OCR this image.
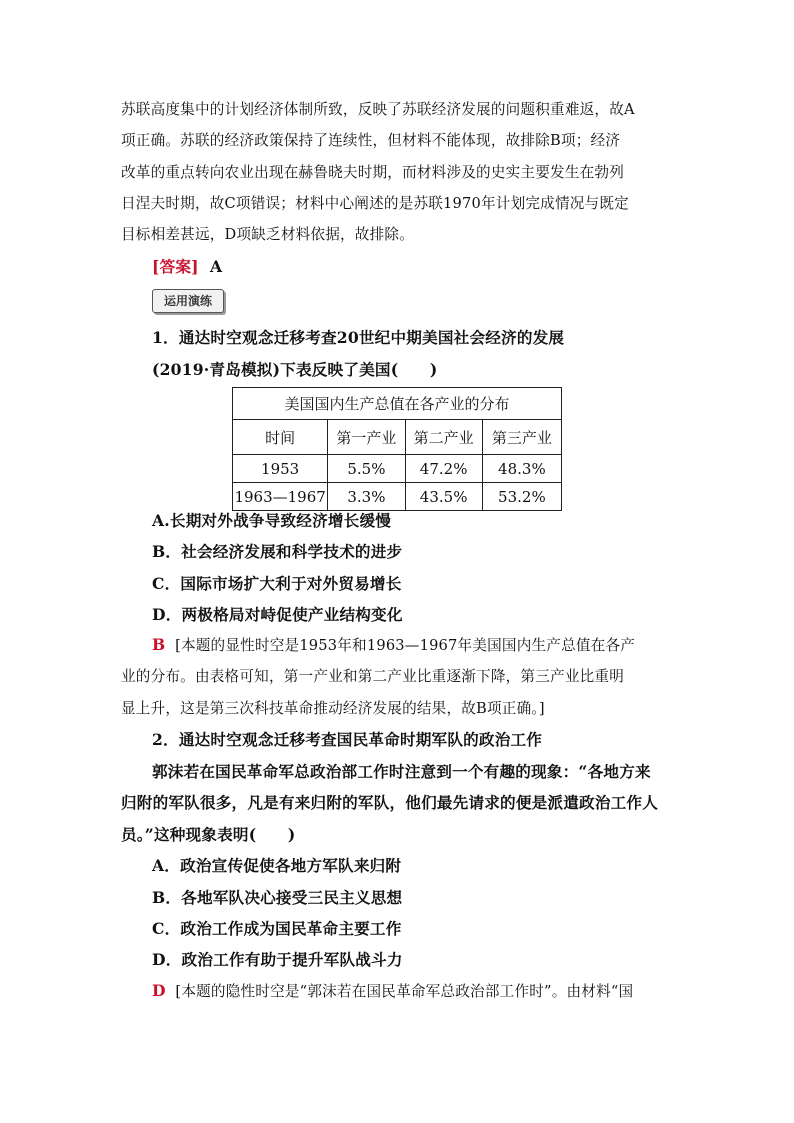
苏联高度集中的计划经济体制所致，反映了苏联经济发展的问题积重难返，故A
项正确。苏联的经济政策保持了连续性，但材料不能体现，故排除B项；经济
改革的重点转向农业出现在赫鲁晓夫时期，而材料涉及的史实主要发生在勃列
日涅夫时期，故C项错误；材料中心阐述的是苏联1970年计划完成情况与既定
目标相差甚远，D项缺乏材料依据，故排除。
[答案] A
运用演练
1．通达时空观念迁移考查20世纪中期美国社会经济的发展
(2019·青岛模拟)下表反映了美国(　　)
美国国内生产总值在各产业的分布			
时间	第一产业	第二产业	第三产业
1953	5.5%	47.2%	48.3%
1963—1967	3.3%	43.5%	53.2%
A.长期对外战争导致经济增长缓慢
B．社会经济发展和科学技术的进步
C．国际市场扩大利于对外贸易增长
D．两极格局对峙促使产业结构变化
B [本题的显性时空是1953年和1963—1967年美国国内生产总值在各产
业的分布。由表格可知，第一产业和第二产业比重逐渐下降，第三产业比重明
显上升，这是第三次科技革命推动经济发展的结果，故B项正确。]
2．通达时空观念迁移考查国民革命时期军队的政治工作
郭沫若在国民革命军总政治部工作时注意到一个有趣的现象：“各地方来
归附的军队很多，凡是有来归附的军队，他们最先请求的便是派遣政治工作人
员。”这种现象表明(　　)
A．政治宣传促使各地方军队来归附
B．各地军队决心接受三民主义思想
C．政治工作成为国民革命主要工作
D．政治工作有助于提升军队战斗力
D [本题的隐性时空是“郭沫若在国民革命军总政治部工作时”。由材料“国
